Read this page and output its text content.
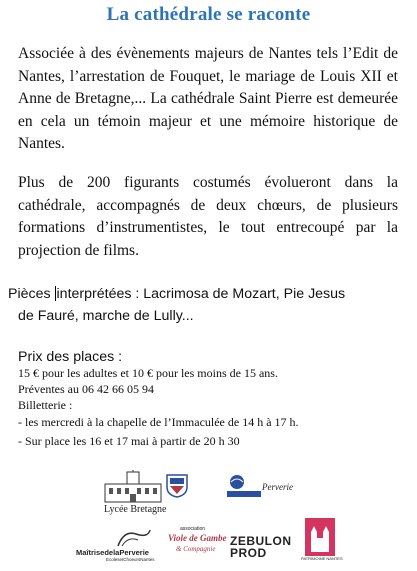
La cathédrale se raconte
Associée à des évènements majeurs de Nantes tels l’Edit de Nantes, l’arrestation de Fouquet, le mariage de Louis XII et Anne de Bretagne,... La cathédrale Saint Pierre est demeurée en cela un témoin majeur et une mémoire historique de Nantes.
Plus de 200 figurants costumés évolueront dans la cathédrale, accompagnés de deux chœurs, de plusieurs formations d’instrumentistes, le tout entrecoupé par la projection de films.
Pièces interprétées : Lacrimosa de Mozart, Pie Jesus
de Fauré, marche de Lully...
Prix des places :
15 € pour les adultes et 10 € pour les moins de 15 ans.
Préventes au 06 42 66 05 94
Billetterie :
- les mercredi à la chapelle de l’Immaculée de 14 h à 17 h.
- Sur place les 16 et 17 mai à partir de 20 h 30
Lycée Bretagne
Perverie
MaîtrisedelaPerverie
EcolesetChoeursNantes
association
Viole de Gambe
& Compagnie
ZEBULON
PROD	PATRIMOINE NANTES
